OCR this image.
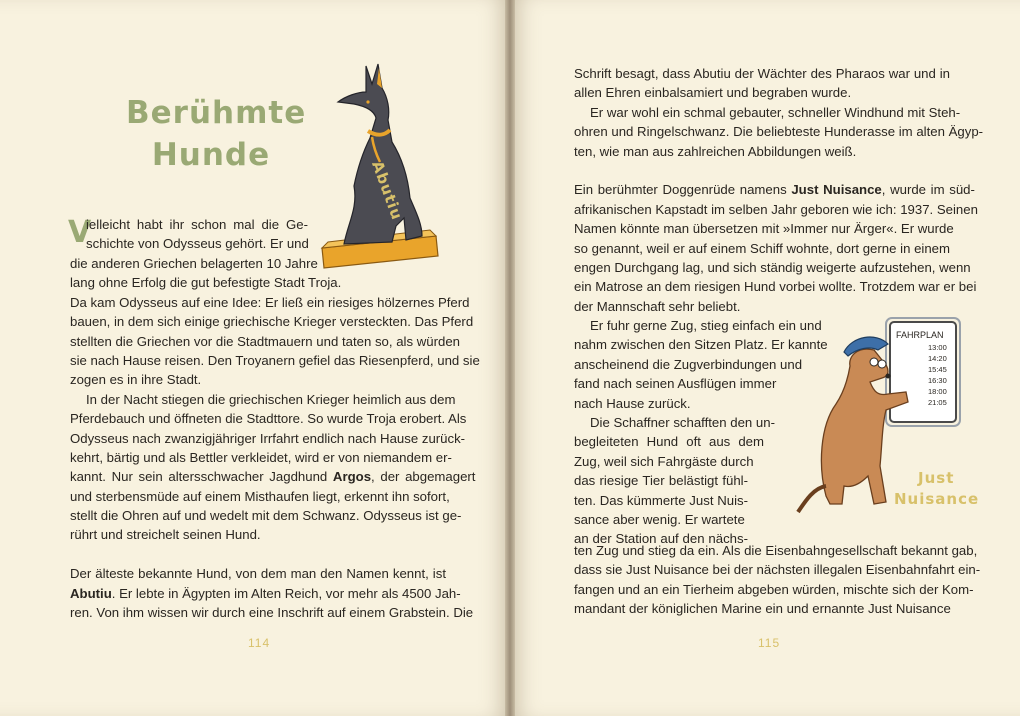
Berühmte
Hunde
Abutiu
V
ielleicht habt ihr schon mal die Ge-
schichte von Odysseus gehört. Er und
die anderen Griechen belagerten 10 Jahre
lang ohne Erfolg die gut befestigte Stadt Troja.
Da kam Odysseus auf eine Idee: Er ließ ein riesiges hölzernes Pferd
bauen, in dem sich einige griechische Krieger versteckten. Das Pferd
stellten die Griechen vor die Stadtmauern und taten so, als würden
sie nach Hause reisen. Den Troyanern gefiel das Riesenpferd, und sie
zogen es in ihre Stadt.
In der Nacht stiegen die griechischen Krieger heimlich aus dem
Pferdebauch und öffneten die Stadttore. So wurde Troja erobert. Als
Odysseus nach zwanzigjähriger Irrfahrt endlich nach Hause zurück-
kehrt, bärtig und als Bettler verkleidet, wird er von niemandem er-
kannt. Nur sein altersschwacher Jagdhund Argos, der abgemagert
und sterbensmüde auf einem Misthaufen liegt, erkennt ihn sofort,
stellt die Ohren auf und wedelt mit dem Schwanz. Odysseus ist ge-
rührt und streichelt seinen Hund.
Der älteste bekannte Hund, von dem man den Namen kennt, ist
Abutiu. Er lebte in Ägypten im Alten Reich, vor mehr als 4500 Jah-
ren. Von ihm wissen wir durch eine Inschrift auf einem Grabstein. Die
114
Schrift besagt, dass Abutiu der Wächter des Pharaos war und in
allen Ehren einbalsamiert und begraben wurde.
Er war wohl ein schmal gebauter, schneller Windhund mit Steh-
ohren und Ringelschwanz. Die beliebteste Hunderasse im alten Ägyp-
ten, wie man aus zahlreichen Abbildungen weiß.
Ein berühmter Doggenrüde namens Just Nuisance, wurde im süd-
afrikanischen Kapstadt im selben Jahr geboren wie ich: 1937. Seinen
Namen könnte man übersetzen mit »Immer nur Ärger«. Er wurde
so genannt, weil er auf einem Schiff wohnte, dort gerne in einem
engen Durchgang lag, und sich ständig weigerte aufzustehen, wenn
ein Matrose an dem riesigen Hund vorbei wollte. Trotzdem war er bei
der Mannschaft sehr beliebt.
Er fuhr gerne Zug, stieg einfach ein und
nahm zwischen den Sitzen Platz. Er kannte
anscheinend die Zugverbindungen und
fand nach seinen Ausflügen immer
nach Hause zurück.
Die Schaffner schafften den un-
begleiteten Hund oft aus dem
Zug, weil sich Fahrgäste durch
das riesige Tier belästigt fühl-
ten. Das kümmerte Just Nuis-
sance aber wenig. Er wartete
an der Station auf den nächs-
ten Zug und stieg da ein. Als die Eisenbahngesellschaft bekannt gab,
dass sie Just Nuisance bei der nächsten illegalen Eisenbahnfahrt ein-
fangen und an ein Tierheim abgeben würden, mischte sich der Kom-
mandant der königlichen Marine ein und ernannte Just Nuisance
FAHRPLAN
13:00
14:20
15:45
16:30
18:00
21:05
Just
Nuisance
115
